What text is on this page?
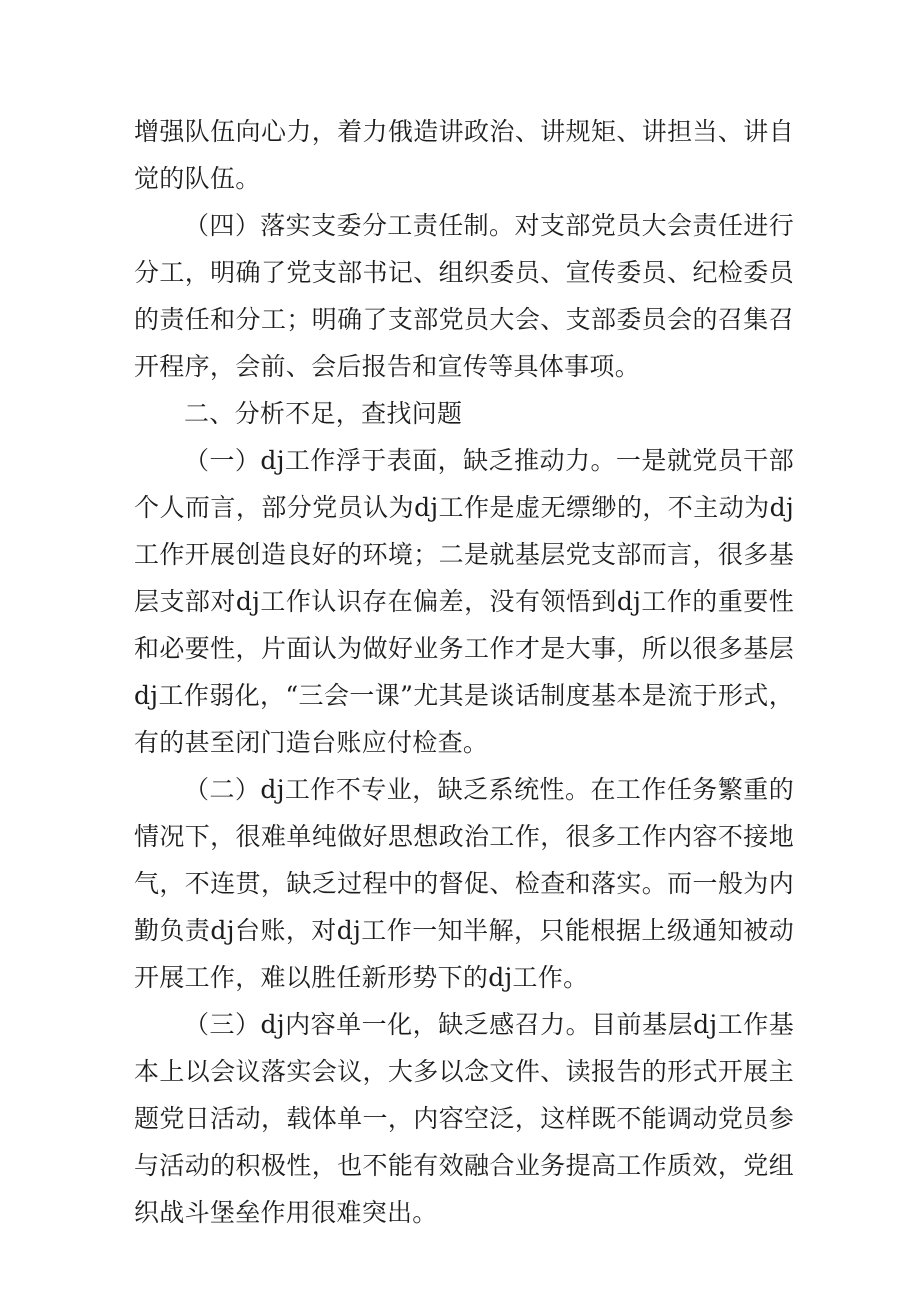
增强队伍向心力，着力俄造讲政治、讲规矩、讲担当、讲自觉的队伍。

（四）落实支委分工责任制。对支部党员大会责任进行分工，明确了党支部书记、组织委员、宣传委员、纪检委员的责任和分工；明确了支部党员大会、支部委员会的召集召开程序，会前、会后报告和宣传等具体事项。

二、分析不足，查找问题

（一）dj工作浮于表面，缺乏推动力。一是就党员干部个人而言，部分党员认为dj工作是虚无缥缈的，不主动为dj工作开展创造良好的环境；二是就基层党支部而言，很多基层支部对dj工作认识存在偏差，没有领悟到dj工作的重要性和必要性，片面认为做好业务工作才是大事，所以很多基层dj工作弱化，“三会一课”尤其是谈话制度基本是流于形式，有的甚至闭门造台账应付检查。

（二）dj工作不专业，缺乏系统性。在工作任务繁重的情况下，很难单纯做好思想政治工作，很多工作内容不接地气，不连贯，缺乏过程中的督促、检查和落实。而一般为内勤负责dj台账，对dj工作一知半解，只能根据上级通知被动开展工作，难以胜任新形势下的dj工作。

（三）dj内容单一化，缺乏感召力。目前基层dj工作基本上以会议落实会议，大多以念文件、读报告的形式开展主题党日活动，载体单一，内容空泛，这样既不能调动党员参与活动的积极性，也不能有效融合业务提高工作质效，党组织战斗堡垒作用很难突出。
